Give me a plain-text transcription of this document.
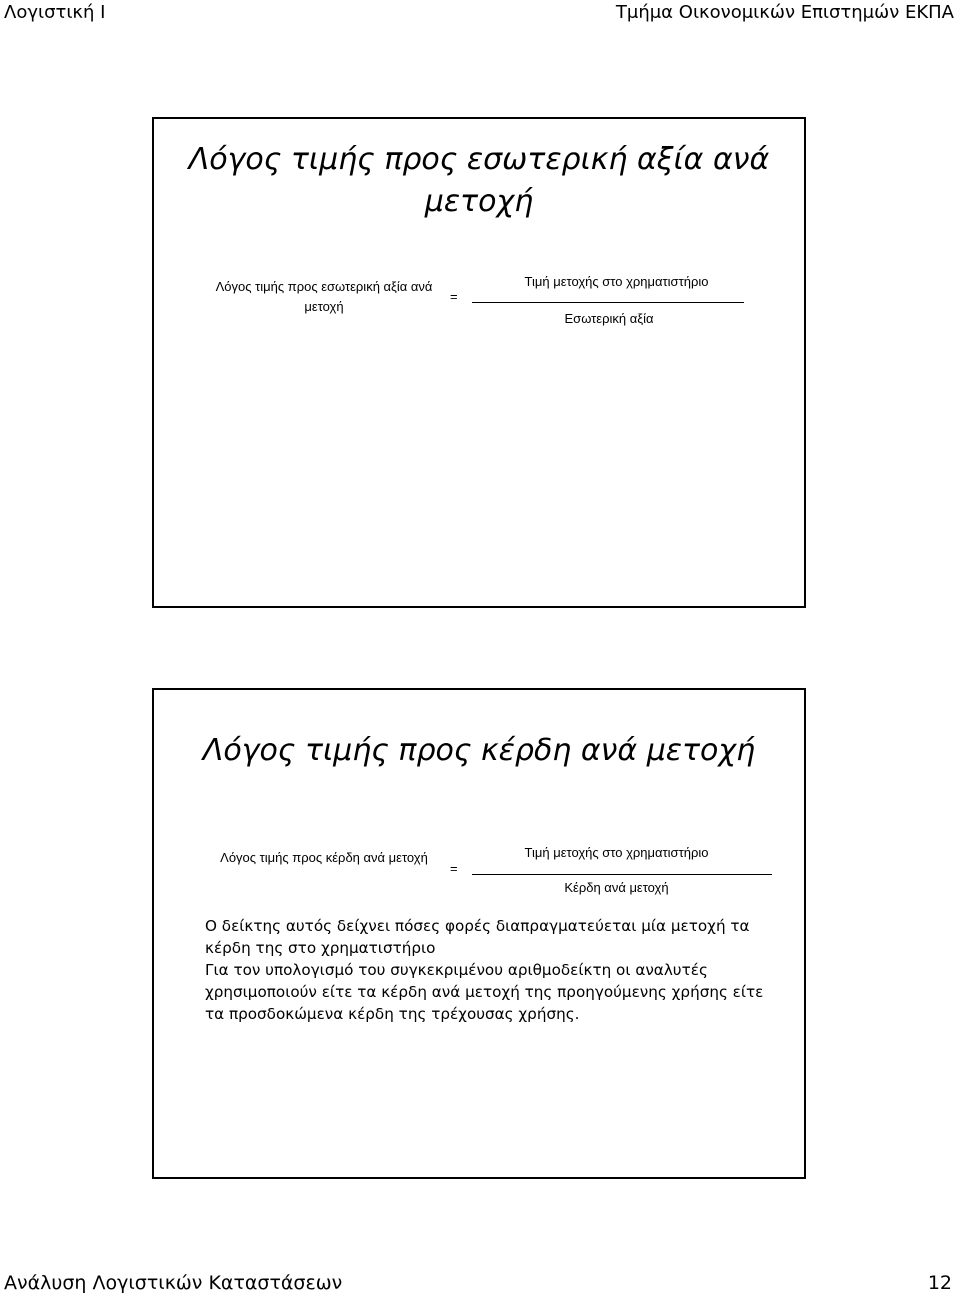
Λογιστική Ι	Τμήμα Οικονομικών Επιστημών ΕΚΠΑ
Λόγος τιμής προς εσωτερική αξία ανά μετοχή
Λόγος τιμής προς εσωτερική αξία ανά μετοχή
=
Τιμή μετοχής στο χρηματιστήριο
Εσωτερική αξία
Λόγος τιμής προς κέρδη ανά μετοχή
Λόγος τιμής προς κέρδη ανά μετοχή
=
Τιμή μετοχής στο χρηματιστήριο
Κέρδη ανά μετοχή

Ο δείκτης αυτός δείχνει πόσες φορές διαπραγματεύεται μία μετοχή τα κέρδη της στο χρηματιστήριο

Για τον υπολογισμό του συγκεκριμένου αριθμοδείκτη οι αναλυτές χρησιμοποιούν είτε τα κέρδη ανά μετοχή της προηγούμενης χρήσης είτε τα προσδοκώμενα κέρδη της τρέχουσας χρήσης.

Ανάλυση Λογιστικών Καταστάσεων	12
